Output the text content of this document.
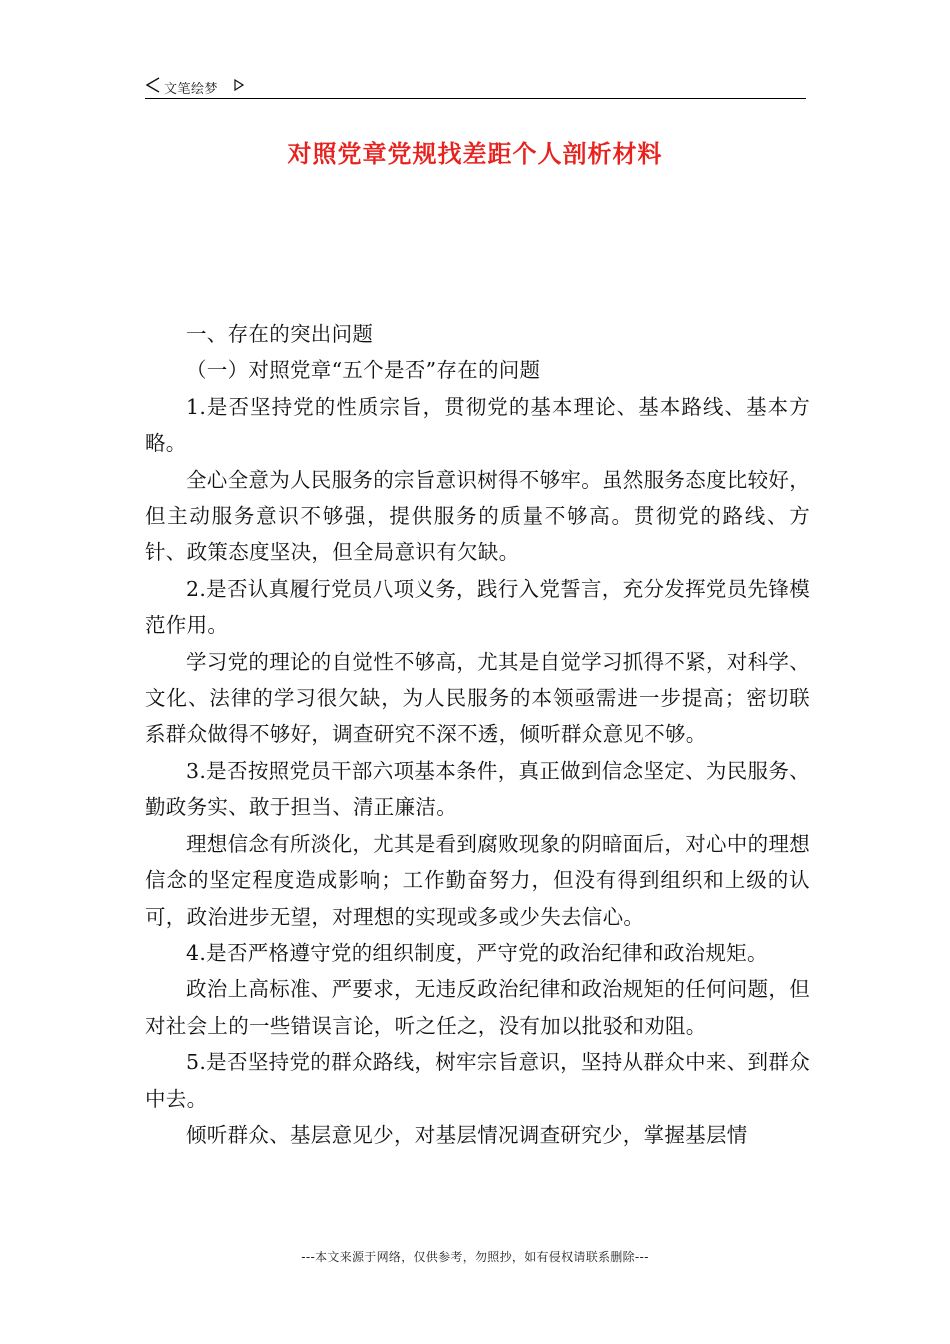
文笔绘梦
对照党章党规找差距个人剖析材料

一、存在的突出问题

（一）对照党章“五个是否”存在的问题

1.是否坚持党的性质宗旨，贯彻党的基本理论、基本路线、基本方略。

全心全意为人民服务的宗旨意识树得不够牢。虽然服务态度比较好，但主动服务意识不够强，提供服务的质量不够高。贯彻党的路线、方针、政策态度坚决，但全局意识有欠缺。

2.是否认真履行党员八项义务，践行入党誓言，充分发挥党员先锋模范作用。

学习党的理论的自觉性不够高，尤其是自觉学习抓得不紧，对科学、文化、法律的学习很欠缺，为人民服务的本领亟需进一步提高；密切联系群众做得不够好，调查研究不深不透，倾听群众意见不够。

3.是否按照党员干部六项基本条件，真正做到信念坚定、为民服务、勤政务实、敢于担当、清正廉洁。

理想信念有所淡化，尤其是看到腐败现象的阴暗面后，对心中的理想信念的坚定程度造成影响；工作勤奋努力，但没有得到组织和上级的认可，政治进步无望，对理想的实现或多或少失去信心。

4.是否严格遵守党的组织制度，严守党的政治纪律和政治规矩。

政治上高标准、严要求，无违反政治纪律和政治规矩的任何问题，但对社会上的一些错误言论，听之任之，没有加以批驳和劝阻。

5.是否坚持党的群众路线，树牢宗旨意识，坚持从群众中来、到群众中去。

倾听群众、基层意见少，对基层情况调查研究少，掌握基层情

---本文来源于网络，仅供参考，勿照抄，如有侵权请联系删除---
